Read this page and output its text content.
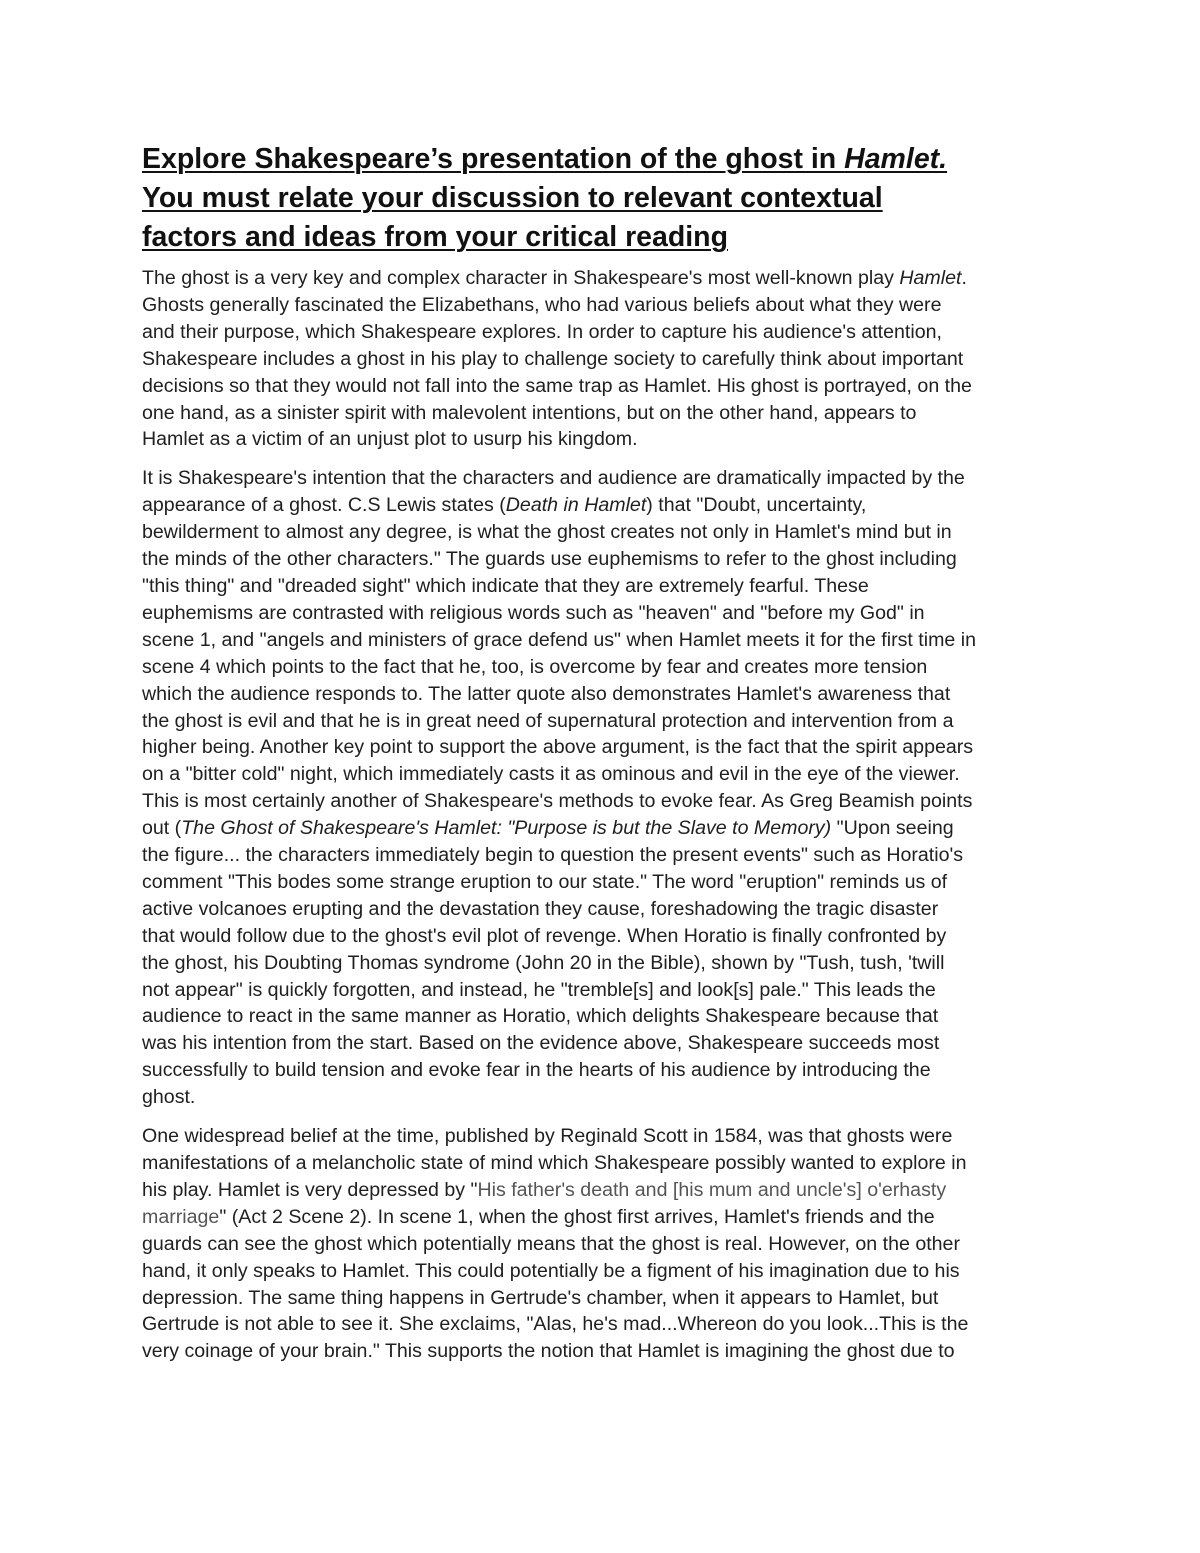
Explore Shakespeare’s presentation of the ghost in Hamlet.
You must relate your discussion to relevant contextual
factors and ideas from your critical reading
The ghost is a very key and complex character in Shakespeare's most well-known play Hamlet.
Ghosts generally fascinated the Elizabethans, who had various beliefs about what they were
and their purpose, which Shakespeare explores. In order to capture his audience's attention,
Shakespeare includes a ghost in his play to challenge society to carefully think about important
decisions so that they would not fall into the same trap as Hamlet. His ghost is portrayed, on the
one hand, as a sinister spirit with malevolent intentions, but on the other hand, appears to
Hamlet as a victim of an unjust plot to usurp his kingdom.
It is Shakespeare's intention that the characters and audience are dramatically impacted by the
appearance of a ghost. C.S Lewis states (Death in Hamlet) that "Doubt, uncertainty,
bewilderment to almost any degree, is what the ghost creates not only in Hamlet's mind but in
the minds of the other characters." The guards use euphemisms to refer to the ghost including
"this thing" and "dreaded sight" which indicate that they are extremely fearful. These
euphemisms are contrasted with religious words such as "heaven" and "before my God" in
scene 1, and "angels and ministers of grace defend us" when Hamlet meets it for the first time in
scene 4 which points to the fact that he, too, is overcome by fear and creates more tension
which the audience responds to. The latter quote also demonstrates Hamlet's awareness that
the ghost is evil and that he is in great need of supernatural protection and intervention from a
higher being. Another key point to support the above argument, is the fact that the spirit appears
on a "bitter cold" night, which immediately casts it as ominous and evil in the eye of the viewer.
This is most certainly another of Shakespeare's methods to evoke fear. As Greg Beamish points
out (The Ghost of Shakespeare's Hamlet: "Purpose is but the Slave to Memory) "Upon seeing
the figure... the characters immediately begin to question the present events" such as Horatio's
comment "This bodes some strange eruption to our state." The word "eruption" reminds us of
active volcanoes erupting and the devastation they cause, foreshadowing the tragic disaster
that would follow due to the ghost's evil plot of revenge. When Horatio is finally confronted by
the ghost, his Doubting Thomas syndrome (John 20 in the Bible), shown by "Tush, tush, 'twill
not appear" is quickly forgotten, and instead, he "tremble[s] and look[s] pale." This leads the
audience to react in the same manner as Horatio, which delights Shakespeare because that
was his intention from the start. Based on the evidence above, Shakespeare succeeds most
successfully to build tension and evoke fear in the hearts of his audience by introducing the
ghost.
One widespread belief at the time, published by Reginald Scott in 1584, was that ghosts were
manifestations of a melancholic state of mind which Shakespeare possibly wanted to explore in
his play. Hamlet is very depressed by "His father's death and [his mum and uncle's] o'erhasty
marriage" (Act 2 Scene 2). In scene 1, when the ghost first arrives, Hamlet's friends and the
guards can see the ghost which potentially means that the ghost is real. However, on the other
hand, it only speaks to Hamlet. This could potentially be a figment of his imagination due to his
depression. The same thing happens in Gertrude's chamber, when it appears to Hamlet, but
Gertrude is not able to see it. She exclaims, "Alas, he's mad...Whereon do you look...This is the
very coinage of your brain." This supports the notion that Hamlet is imagining the ghost due to
